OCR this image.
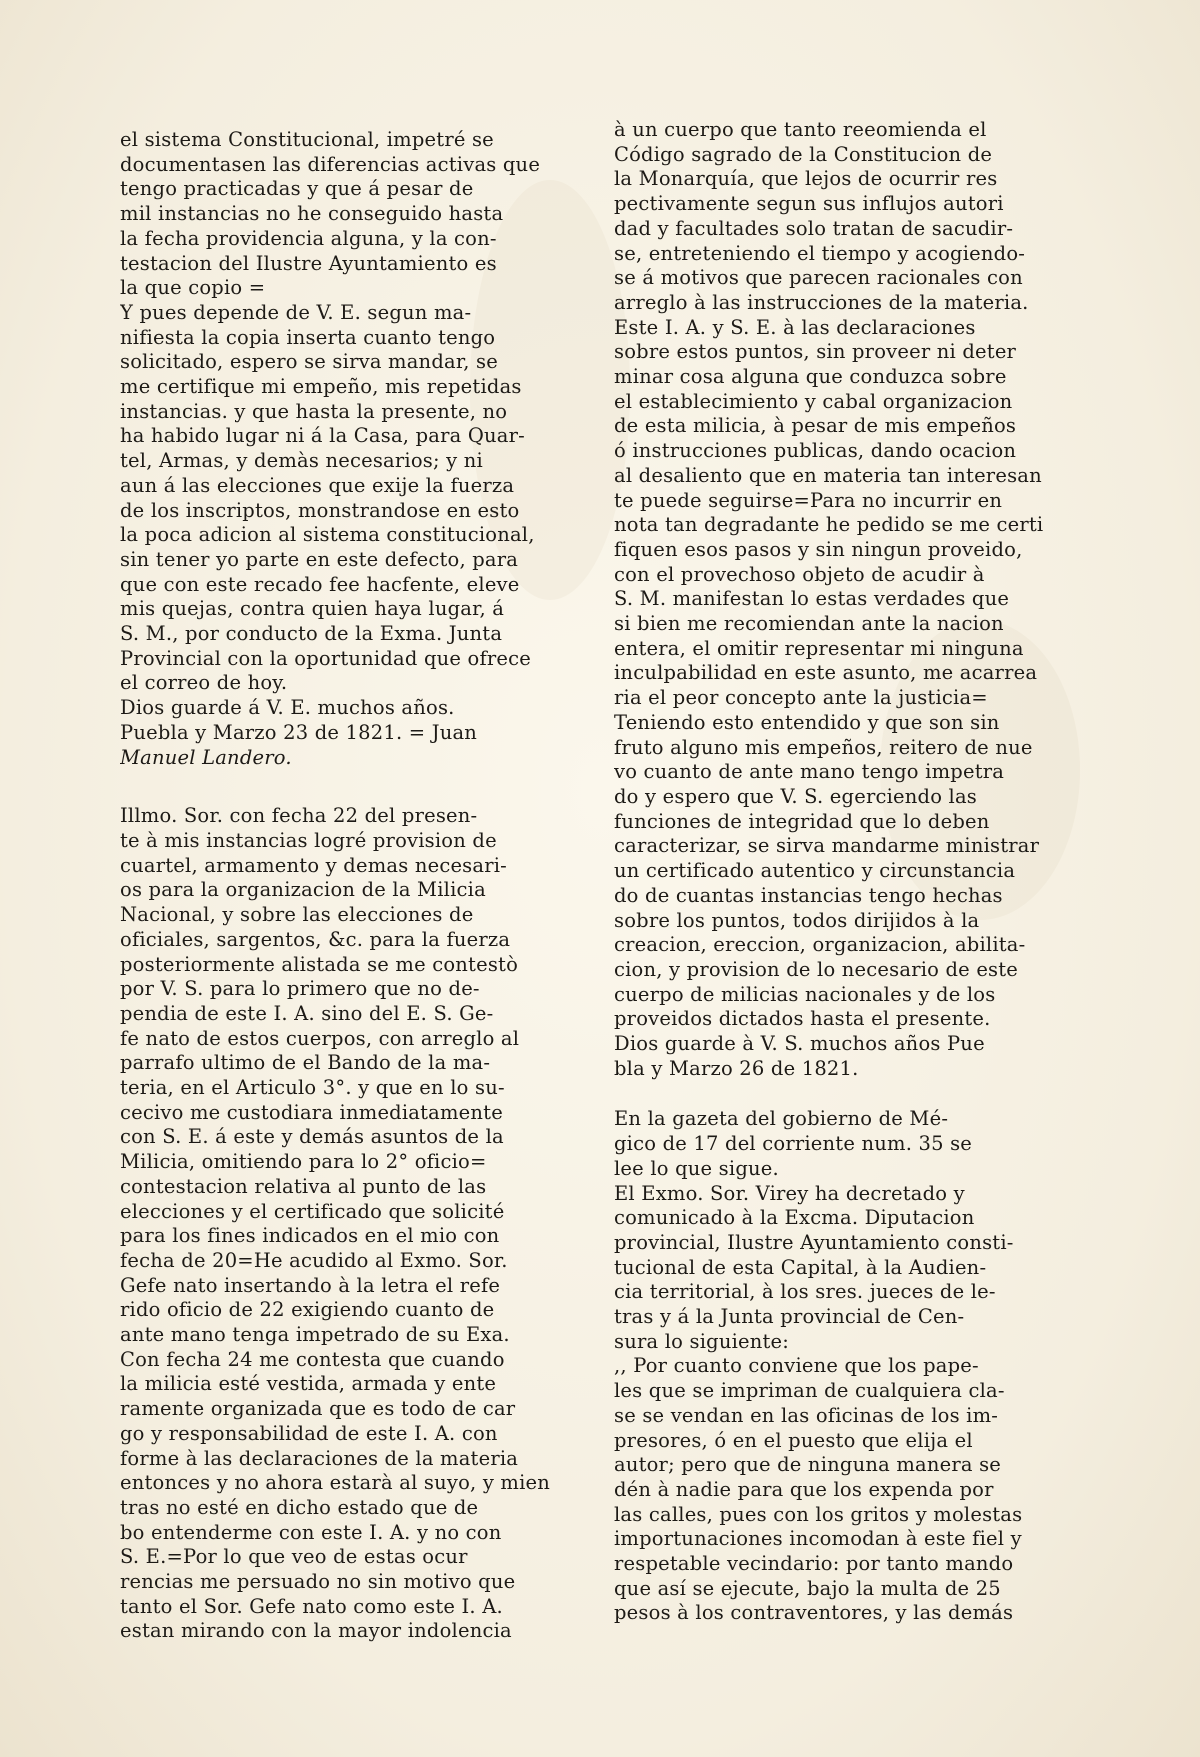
el sistema Constitucional, impetré se
documentasen las diferencias activas que
tengo practicadas y que á pesar de
mil instancias no he conseguido hasta
la fecha providencia alguna, y la con-
testacion del Ilustre Ayuntamiento es
la que copio =
Y pues depende de V. E. segun ma-
nifiesta la copia inserta cuanto tengo
solicitado, espero se sirva mandar, se
me certifique mi empeño, mis repetidas
instancias. y que hasta la presente, no
ha habido lugar ni á la Casa, para Quar-
tel, Armas, y demàs necesarios; y ni
aun á las elecciones que exije la fuerza
de los inscriptos, monstrandose en esto
la poca adicion al sistema constitucional,
sin tener yo parte en este defecto, para
que con este recado fee hacfente, eleve
mis quejas, contra quien haya lugar, á
S. M., por conducto de la Exma. Junta
Provincial con la oportunidad que ofrece
el correo de hoy.
Dios guarde á V. E. muchos años.
Puebla y Marzo 23 de 1821. = Juan
Manuel Landero.
Illmo. Sor. con fecha 22 del presen-
te à mis instancias logré provision de
cuartel, armamento y demas necesari-
os para la organizacion de la Milicia
Nacional, y sobre las elecciones de
oficiales, sargentos, &c. para la fuerza
posteriormente alistada se me contestò
por V. S. para lo primero que no de-
pendia de este I. A. sino del E. S. Ge-
fe nato de estos cuerpos, con arreglo al
parrafo ultimo de el Bando de la ma-
teria, en el Articulo 3°. y que en lo su-
cecivo me custodiara inmediatamente
con S. E. á este y demás asuntos de la
Milicia, omitiendo para lo 2° oficio=
contestacion relativa al punto de las
elecciones y el certificado que solicité
para los fines indicados en el mio con
fecha de 20=He acudido al Exmo. Sor.
Gefe nato insertando à la letra el refe
rido oficio de 22 exigiendo cuanto de
ante mano tenga impetrado de su Exa.
Con fecha 24 me contesta que cuando
la milicia esté vestida, armada y ente
ramente organizada que es todo de car
go y responsabilidad de este I. A. con
forme à las declaraciones de la materia
entonces y no ahora estarà al suyo, y mien
tras no esté en dicho estado que de
bo entenderme con este I. A. y no con
S. E.=Por lo que veo de estas ocur
rencias me persuado no sin motivo que
tanto el Sor. Gefe nato como este I. A.
estan mirando con la mayor indolencia
à un cuerpo que tanto reeomienda el
Código sagrado de la Constitucion de
la Monarquía, que lejos de ocurrir res
pectivamente segun sus influjos autori
dad y facultades solo tratan de sacudir-
se, entreteniendo el tiempo y acogiendo-
se á motivos que parecen racionales con
arreglo à las instrucciones de la materia.
Este I. A. y S. E. à las declaraciones
sobre estos puntos, sin proveer ni deter
minar cosa alguna que conduzca sobre
el establecimiento y cabal organizacion
de esta milicia, à pesar de mis empeños
ó instrucciones publicas, dando ocacion
al desaliento que en materia tan interesan
te puede seguirse=Para no incurrir en
nota tan degradante he pedido se me certi
fiquen esos pasos y sin ningun proveido,
con el provechoso objeto de acudir à
S. M. manifestan lo estas verdades que
si bien me recomiendan ante la nacion
entera, el omitir representar mi ninguna
inculpabilidad en este asunto, me acarrea
ria el peor concepto ante la justicia=
Teniendo esto entendido y que son sin
fruto alguno mis empeños, reitero de nue
vo cuanto de ante mano tengo impetra
do y espero que V. S. egerciendo las
funciones de integridad que lo deben
caracterizar, se sirva mandarme ministrar
un certificado autentico y circunstancia
do de cuantas instancias tengo hechas
sobre los puntos, todos dirijidos à la
creacion, ereccion, organizacion, abilita-
cion, y provision de lo necesario de este
cuerpo de milicias nacionales y de los
proveidos dictados hasta el presente.
Dios guarde à V. S. muchos años Pue
bla y Marzo 26 de 1821.
En la gazeta del gobierno de Mé-
gico de 17 del corriente num. 35 se
lee lo que sigue.
El Exmo. Sor. Virey ha decretado y
comunicado à la Excma. Diputacion
provincial, Ilustre Ayuntamiento consti-
tucional de esta Capital, à la Audien-
cia territorial, à los sres. jueces de le-
tras y á la Junta provincial de Cen-
sura lo siguiente:
,, Por cuanto conviene que los pape-
les que se impriman de cualquiera cla-
se se vendan en las oficinas de los im-
presores, ó en el puesto que elija el
autor; pero que de ninguna manera se
dén à nadie para que los expenda por
las calles, pues con los gritos y molestas
importunaciones incomodan à este fiel y
respetable vecindario: por tanto mando
que así se ejecute, bajo la multa de 25
pesos à los contraventores, y las demás
